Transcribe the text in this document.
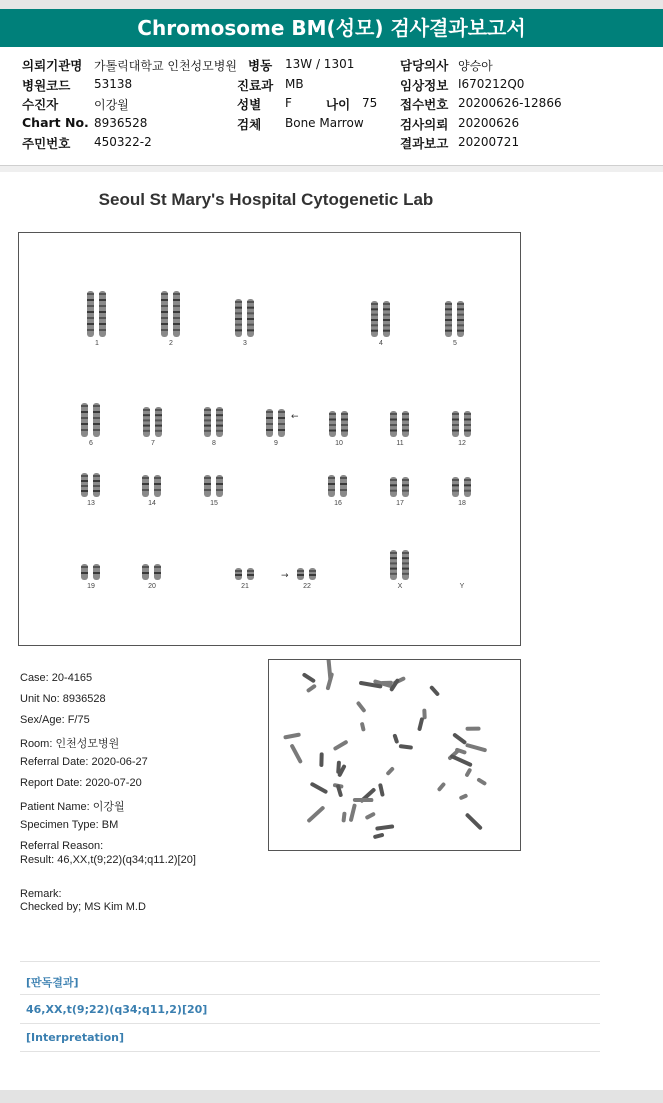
Chromosome BM(성모) 검사결과보고서
의뢰기관명 가톨릭대학교 인천성모병원
병원코드 53138
수진자	이강월
Chart No. 8936528
주민번호 450322-2
병동 13W / 1301
진료과 MB
성별 F	나이 75
검체 Bone Marrow
담당의사 양승아
임상정보 I670212Q0
접수번호 20200626-12866
검사의뢰 20200626
결과보고 20200721
Seoul St Mary's Hospital Cytogenetic Lab
1	2	3	4	5
6	7	8	9	10	11	12
13	14	15	16	17	18
19	20	21	22	X	Y
←
→
Case: 20-4165
Unit No: 8936528
Sex/Age: F/75
Room: 인천성모병원
Referral Date: 2020-06-27
Report Date: 2020-07-20
Patient Name: 이강월
Specimen Type: BM
Referral Reason:
Result: 46,XX,t(9;22)(q34;q11.2)[20]
Remark:
Checked by; MS Kim M.D
[판독결과]
46,XX,t(9;22)(q34;q11,2)[20]
[Interpretation]
